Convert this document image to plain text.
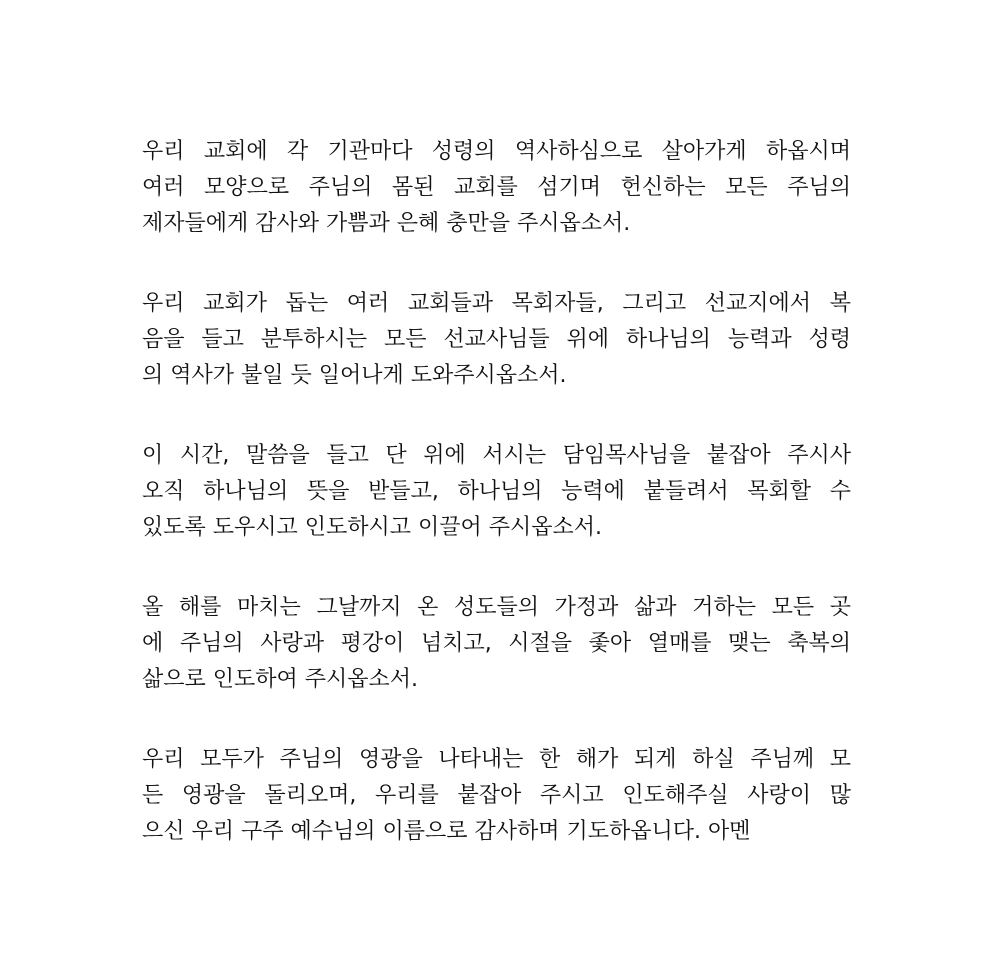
우리 교회에 각 기관마다 성령의 역사하심으로 살아가게 하옵시며
여러 모양으로 주님의 몸된 교회를 섬기며 헌신하는 모든 주님의
제자들에게 감사와 가쁨과 은혜 충만을 주시옵소서.
우리 교회가 돕는 여러 교회들과 목회자들, 그리고 선교지에서 복
음을 들고 분투하시는 모든 선교사님들 위에 하나님의 능력과 성령
의 역사가 불일 듯 일어나게 도와주시옵소서.
이 시간, 말씀을 들고 단 위에 서시는 담임목사님을 붙잡아 주시사
오직 하나님의 뜻을 받들고, 하나님의 능력에 붙들려서 목회할 수
있도록 도우시고 인도하시고 이끌어 주시옵소서.
올 해를 마치는 그날까지 온 성도들의 가정과 삶과 거하는 모든 곳
에 주님의 사랑과 평강이 넘치고, 시절을 좇아 열매를 맺는 축복의
삶으로 인도하여 주시옵소서.
우리 모두가 주님의 영광을 나타내는 한 해가 되게 하실 주님께 모
든 영광을 돌리오며, 우리를 붙잡아 주시고 인도해주실 사랑이 많
으신 우리 구주 예수님의 이름으로 감사하며 기도하옵니다. 아멘
